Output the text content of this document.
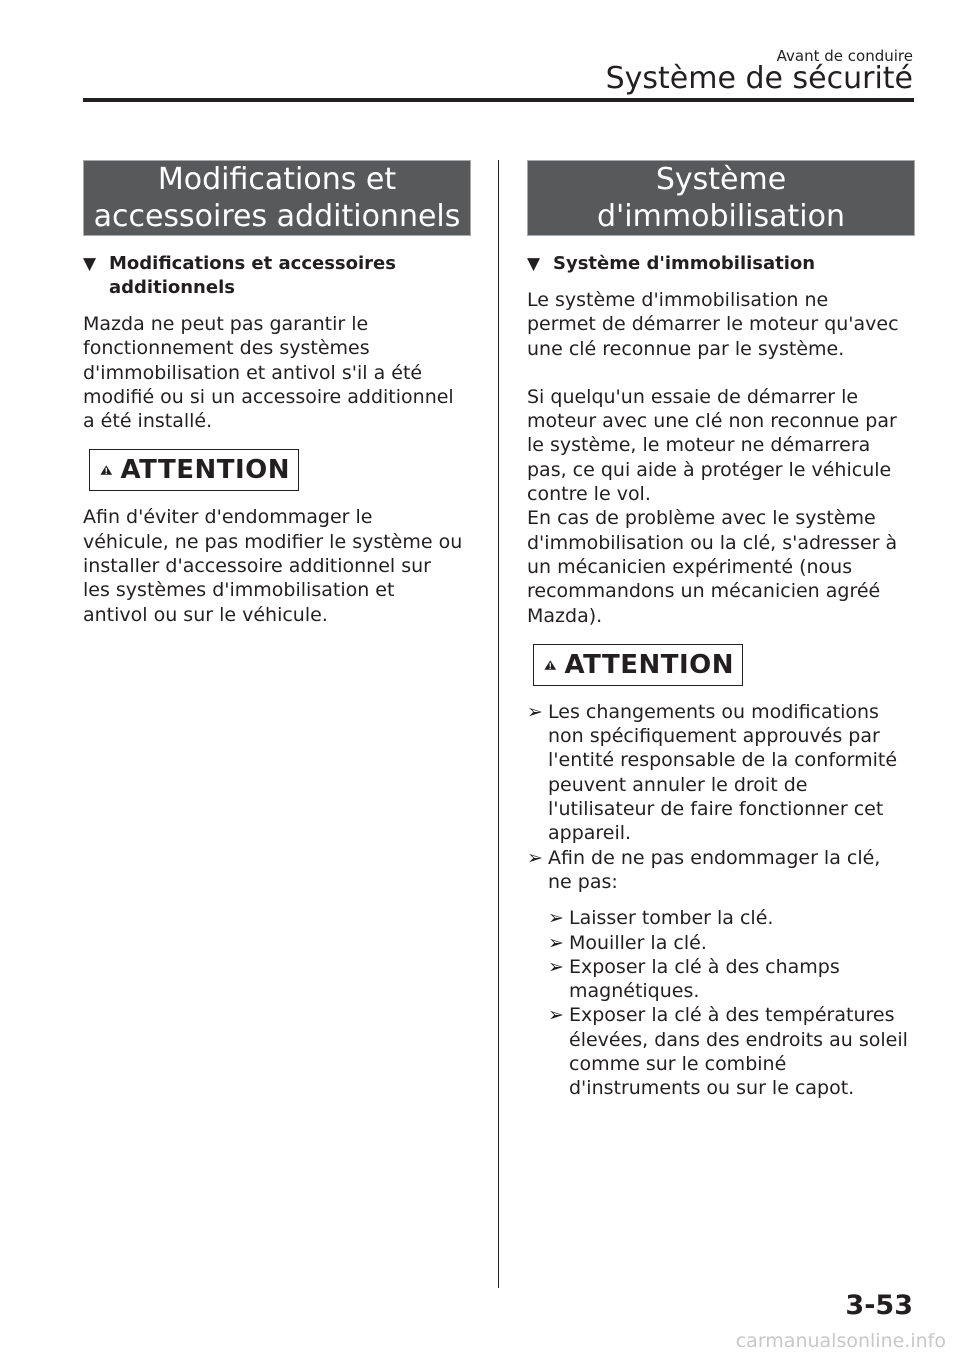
Avant de conduire
Système de sécurité
Modifications et
accessoires additionnels
▼ Modifications et accessoires
additionnels
Mazda ne peut pas garantir le
fonctionnement des systèmes
d'immobilisation et antivol s'il a été
modifié ou si un accessoire additionnel
a été installé.
ATTENTION
Afin d'éviter d'endommager le
véhicule, ne pas modifier le système ou
installer d'accessoire additionnel sur
les systèmes d'immobilisation et
antivol ou sur le véhicule.
Système
d'immobilisation
▼ Système d'immobilisation
Le système d'immobilisation ne
permet de démarrer le moteur qu'avec
une clé reconnue par le système.
Si quelqu'un essaie de démarrer le
moteur avec une clé non reconnue par
le système, le moteur ne démarrera
pas, ce qui aide à protéger le véhicule
contre le vol.
En cas de problème avec le système
d'immobilisation ou la clé, s'adresser à
un mécanicien expérimenté (nous
recommandons un mécanicien agréé
Mazda).
ATTENTION
➢ Les changements ou modifications
non spécifiquement approuvés par
l'entité responsable de la conformité
peuvent annuler le droit de
l'utilisateur de faire fonctionner cet
appareil.
➢ Afin de ne pas endommager la clé,
ne pas:
➢ Laisser tomber la clé.
➢ Mouiller la clé.
➢ Exposer la clé à des champs
magnétiques.
➢ Exposer la clé à des températures
élevées, dans des endroits au soleil
comme sur le combiné
d'instruments ou sur le capot.
3-53
carmanualsonline.info
